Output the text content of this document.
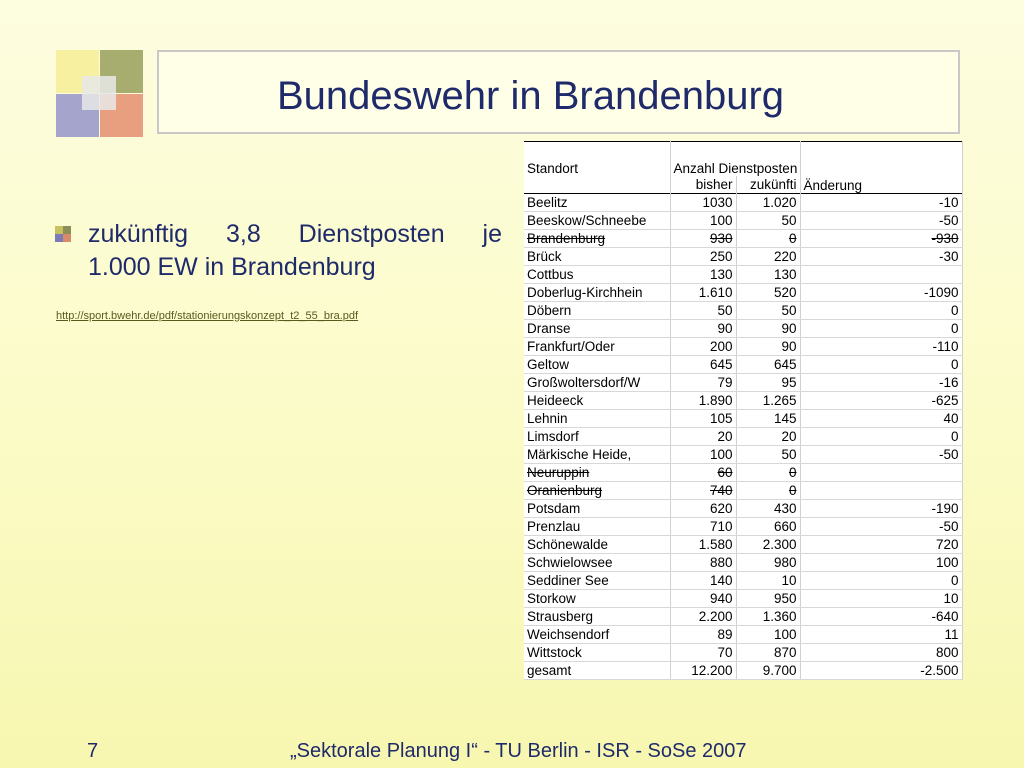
Bundeswehr in Brandenburg
zukünftig 3,8 Dienstposten je
1.000 EW in Brandenburg
http://sport.bwehr.de/pdf/stationierungskonzept_t2_55_bra.pdf
Standort	Anzahl Dienstposten		Änderung
	bisher	zukünfti	
Beelitz	1030	1.020	-10
Beeskow/Schneebe	100	50	-50
Brandenburg	930	0	-930
Brück	250	220	-30
Cottbus	130	130	
Doberlug-Kirchhein	1.610	520	-1090
Döbern	50	50	0
Dranse	90	90	0
Frankfurt/Oder	200	90	-110
Geltow	645	645	0
Großwoltersdorf/W	79	95	-16
Heideeck	1.890	1.265	-625
Lehnin	105	145	40
Limsdorf	20	20	0
Märkische Heide,	100	50	-50
Neuruppin	60	0	
Oranienburg	740	0	
Potsdam	620	430	-190
Prenzlau	710	660	-50
Schönewalde	1.580	2.300	720
Schwielowsee	880	980	100
Seddiner See	140	10	0
Storkow	940	950	10
Strausberg	2.200	1.360	-640
Weichsendorf	89	100	11
Wittstock	70	870	800
gesamt	12.200	9.700	-2.500
7	„Sektorale Planung I“ - TU Berlin - ISR - SoSe 2007
